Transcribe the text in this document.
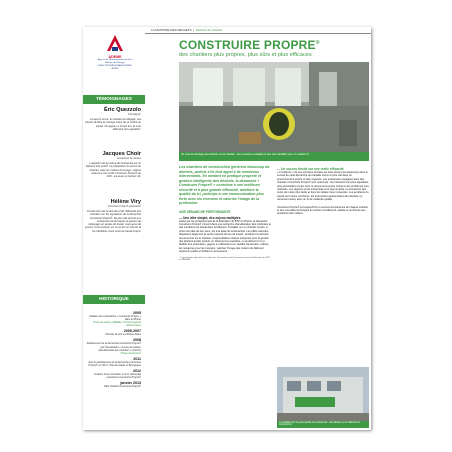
ADEME
Agence de l'Environnement et de la Maîtrise de l'Énergie
DIRECTION RÉGIONALE RHÔNE-ALPES
TÉMOIGNAGES
Éric Quezzolo
Compagnon
Lorsqu'on arrive, le chantier est dégagé, pas besoin de fibre le ménage avant de se mettre au travail. On gagne un temps fou, et c'est tellement plus agréable !
Jacques Choir
Conducteur de travaux
L'adoption de la culture de l'entreprise est un élément très positif. La préparation en amont du chantier, avec les maîtres d'ouvrage, maîtres d'œuvre et les outils Construire Propre® du CDC, est aussi un facteur clé.
Hélène Viry
Construire Propre® association
Construction de la sécurité et de l'efficacité des chantiers sur les signataires de la démarche Construire Propre®. De plus elle permet aux entreprises de témoigner la gestion de nettoyage sur gestes de travail, mais aussi de pouvoir communiquer sur ce qu'est un rôle-clé et les bénéfices d'une zone de travail propre.
HISTORIQUE
2005
Initiation de la démarche « Construire Propre » dans le Rhône
Porté de séance ADEME / Conseil régional Rhône-Alpes
2005-2007
Période de test en Rhône-Alpes
2008
Déploiement de la démarche Construire Propre® par l'Association « Centre de Liaison opérationnelle des chantiers » (CLOC)
Phase d'extension
2011
Avis du déploiement de la démarche Construire Propre® en Nord - Pas-de-Calais et Bourgogne
2012
Création d'une formation et d'un référentiel entreprises Construire Propre®
janvier 2013
100e chantier Construire Propre®
LA MAITRISE DES DÉCHETS  |  Déchets de chantier
CONSTRUIRE PROPRE®
des chantiers plus propres, plus sûrs et plus efficaces
Un local de stockage des déchets sur le chantier : des conteneurs adaptés et des sacs identifiés pour un meilleur tri.
Les chantiers de construction génèrent beaucoup de déchets, parfois s'ils font appel à de nombreux intervenants. En mettant en pratique propreté et gestion intelligente des déchets, la démarche « Construire Propre® » contribue à une meilleure sécurité et à plus grande efficacité, améliore la qualité du tri, participe à une communication plus forte avec les riverains et valorise l'image de la profession.
UNE DÉMARCHE PERFORMANTE
— Une idée simple, des enjeux multiples
Initiée par les professionnels de la fédération du BTP du Rhône, la démarche Construire Propre® s'inscrit dans une recherche d'amélioration des méthodes et des conditions de travail dans le bâtiment. Travailler sur un chantier propre, à priori une idée de bon sens, est à la base de la démarche. Les effets attendus dépassent largement la seule propreté du lieu de travail : améliorer la sécurité du personnel sur le chantier, responsabiliser chaque entreprise pour la gestion des déchets qu'elle produit, en diminuer les quantités, en améliorer le tri et faciliter leur évacuation, gagner en efficacité et en rapidité d'exécution, réduire les nuisances pour les riverains, valoriser l'image des métiers du bâtiment auprès du public et faciliter le recrutement.
* Organisation régie dans le cadre des Conventions de Partenariat entre la Fédération du BTP et l'ADEME.
— Un succès tiendé sur une réelle efficacité
« L'évidence » de ses principes de base est sans doute pour beaucoup dans le succès de cette démarche qui travaille mieux et plus vite dans un environnement propre et bien organisé. Les entreprises engagées dans des chantiers Construire Propre® sont unanimes : les chantiers sont plus agréables, plus accessibles et plus sûrs, le personnel est plus motivé et les problèmes sont maîtrisés. Les rapports entre entreprises sont plus simples, la succession des corps de métier plus facile et donc les délais mieux respectés. Les accidents du travail sont moins nombreux, les entreprises gestionnaires des déchets s'y retrouvent aussi, avec un tri de meilleure qualité.
Construire Propre® est aujourd'hui un recours d'expérience de chaque chantier et des nouvelles techniques du secteur du bâtiment, adapté et pertinente aux évolutions des métiers.
La visibilité pour le grand public de la démarche : des bâches sur le bâtiment en construction.
